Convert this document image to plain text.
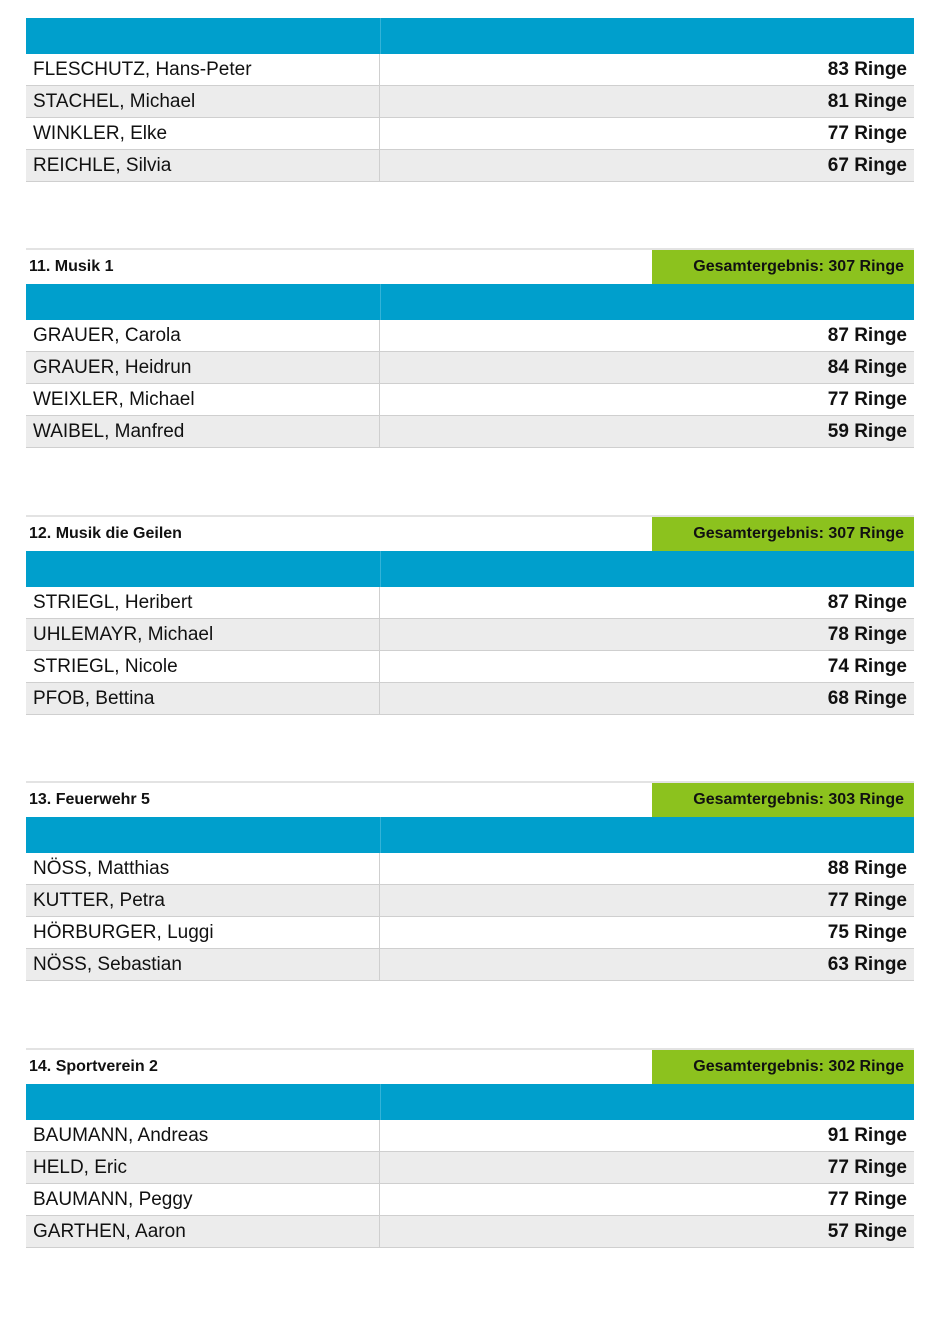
FLESCHUTZ, Hans-Peter	83 Ringe
STACHEL, Michael	81 Ringe
WINKLER, Elke	77 Ringe
REICHLE, Silvia	67 Ringe
11. Musik 1	Gesamtergebnis: 307 Ringe
GRAUER, Carola	87 Ringe
GRAUER, Heidrun	84 Ringe
WEIXLER, Michael	77 Ringe
WAIBEL, Manfred	59 Ringe
12. Musik die Geilen	Gesamtergebnis: 307 Ringe
STRIEGL, Heribert	87 Ringe
UHLEMAYR, Michael	78 Ringe
STRIEGL, Nicole	74 Ringe
PFOB, Bettina	68 Ringe
13. Feuerwehr 5	Gesamtergebnis: 303 Ringe
NÖSS, Matthias	88 Ringe
KUTTER, Petra	77 Ringe
HÖRBURGER, Luggi	75 Ringe
NÖSS, Sebastian	63 Ringe
14. Sportverein 2	Gesamtergebnis: 302 Ringe
BAUMANN, Andreas	91 Ringe
HELD, Eric	77 Ringe
BAUMANN, Peggy	77 Ringe
GARTHEN, Aaron	57 Ringe
